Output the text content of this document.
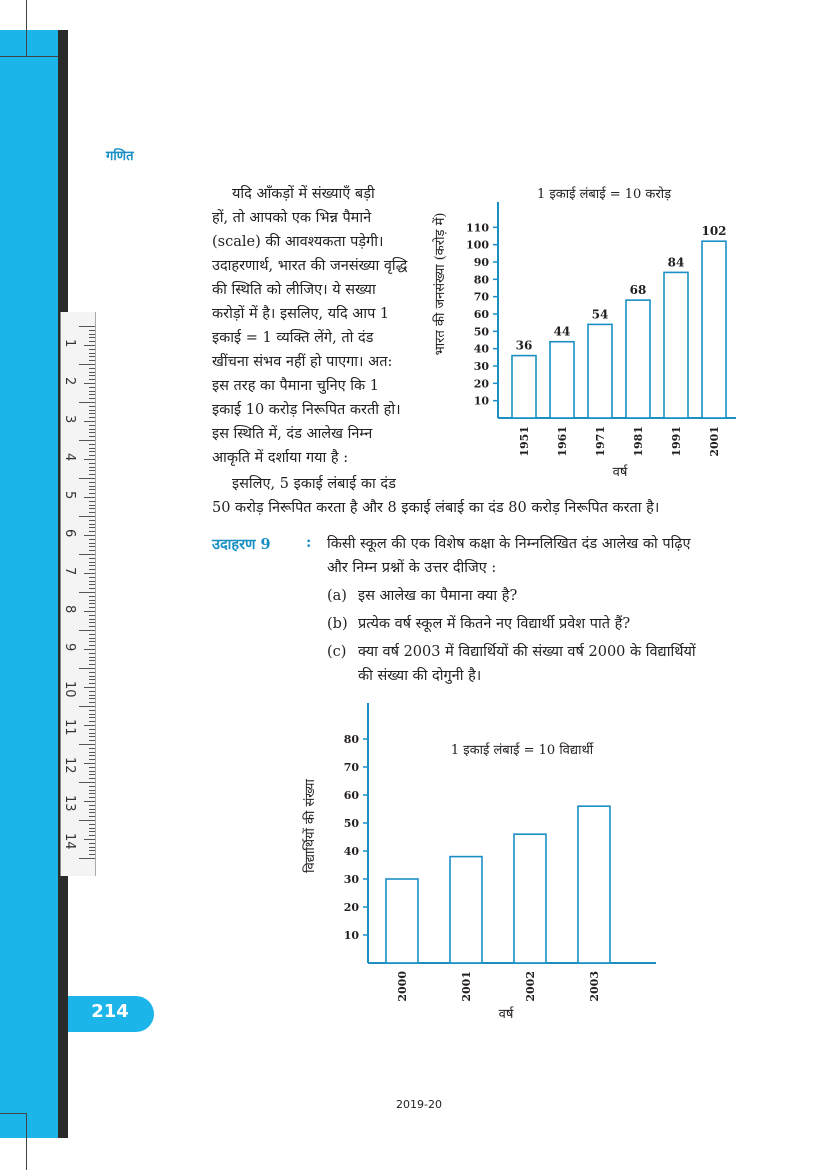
1
2
3
4
5
6
7
8
9
10
11
12
13
14
गणित
यदि आँकड़ों में संख्याएँ बड़ी
हों, तो आपको एक भिन्न पैमाने
(scale) की आवश्यकता पड़ेगी।
उदाहरणार्थ, भारत की जनसंख्या वृद्धि
की स्थिति को लीजिए। ये सख्या
करोड़ों में है। इसलिए, यदि आप 1
इकाई = 1 व्यक्ति लेंगे, तो दंड
खींचना संभव नहीं हो पाएगा। अत:
इस तरह का पैमाना चुनिए कि 1
इकाई 10 करोड़ निरूपित करती हो।
इस स्थिति में, दंड आलेख निम्न
आकृति में दर्शाया गया है :
इसलिए, 5 इकाई लंबाई का दंड
50 करोड़ निरूपित करता है और 8 इकाई लंबाई का दंड 80 करोड़ निरूपित करता है।
उदाहरण 9 : किसी स्कूल की एक विशेष कक्षा के निम्नलिखित दंड आलेख को पढ़िए
और निम्न प्रश्नों के उत्तर दीजिए :
(a) इस आलेख का पैमाना क्या है?
(b) प्रत्येक वर्ष स्कूल में कितने नए विद्यार्थी प्रवेश पाते हैं?
(c) क्या वर्ष 2003 में विद्यार्थियों की संख्या वर्ष 2000 के विद्यार्थियों
की संख्या की दोगुनी है।
1 इकाई लंबाई = 10 करोड़
10
20
30
40
50
60
70
80
90
100
110
36
1951
44
1961
54
1971
68
1981
84
1991
102
2001
वर्ष
भारत की जनसंख्या (करोड़ में)
1 इकाई लंबाई = 10 विद्यार्थी
10
20
30
40
50
60
70
80
2000	2001	2002	2003
वर्ष
विद्यार्थियों की संख्या
214
2019-20
